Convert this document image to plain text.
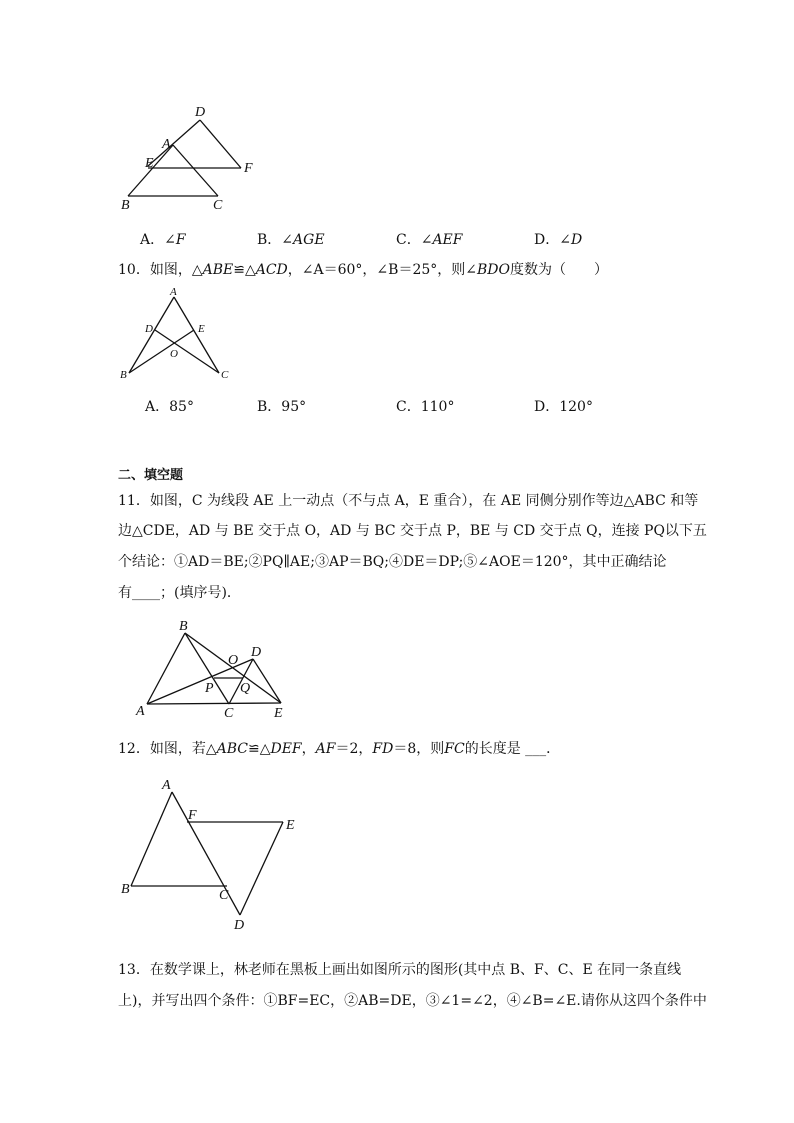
D
A
E	F
B	C
A．∠F	B．∠AGE	C．∠AEF	D．∠D
10．如图，△ABE≌△ACD，∠A＝60°，∠B＝25°，则∠BDO度数为（　　）
A
D	E
O
B	C
A．85°	B．95°	C．110°	D．120°
二、填空题
11．如图，C 为线段 AE 上一动点（不与点 A，E 重合），在 AE 同侧分别作等边△ABC 和等
边△CDE，AD 与 BE 交于点 O，AD 与 BC 交于点 P，BE 与 CD 交于点 Q，连接 PQ以下五
个结论：①AD＝BE;②PQ∥AE;③AP＝BQ;④DE＝DP;⑤∠AOE＝120°，其中正确结论
有____；(填序号)．
B
D
O
P Q
A	C	E
12．如图，若△ABC≌△DEF，AF＝2，FD＝8，则FC的长度是 ___．
A
F
E
B	C
D
13．在数学课上，林老师在黑板上画出如图所示的图形(其中点 B、F、C、E 在同一条直线
上)，并写出四个条件：①BF=EC，②AB=DE，③∠1=∠2，④∠B=∠E.请你从这四个条件中
